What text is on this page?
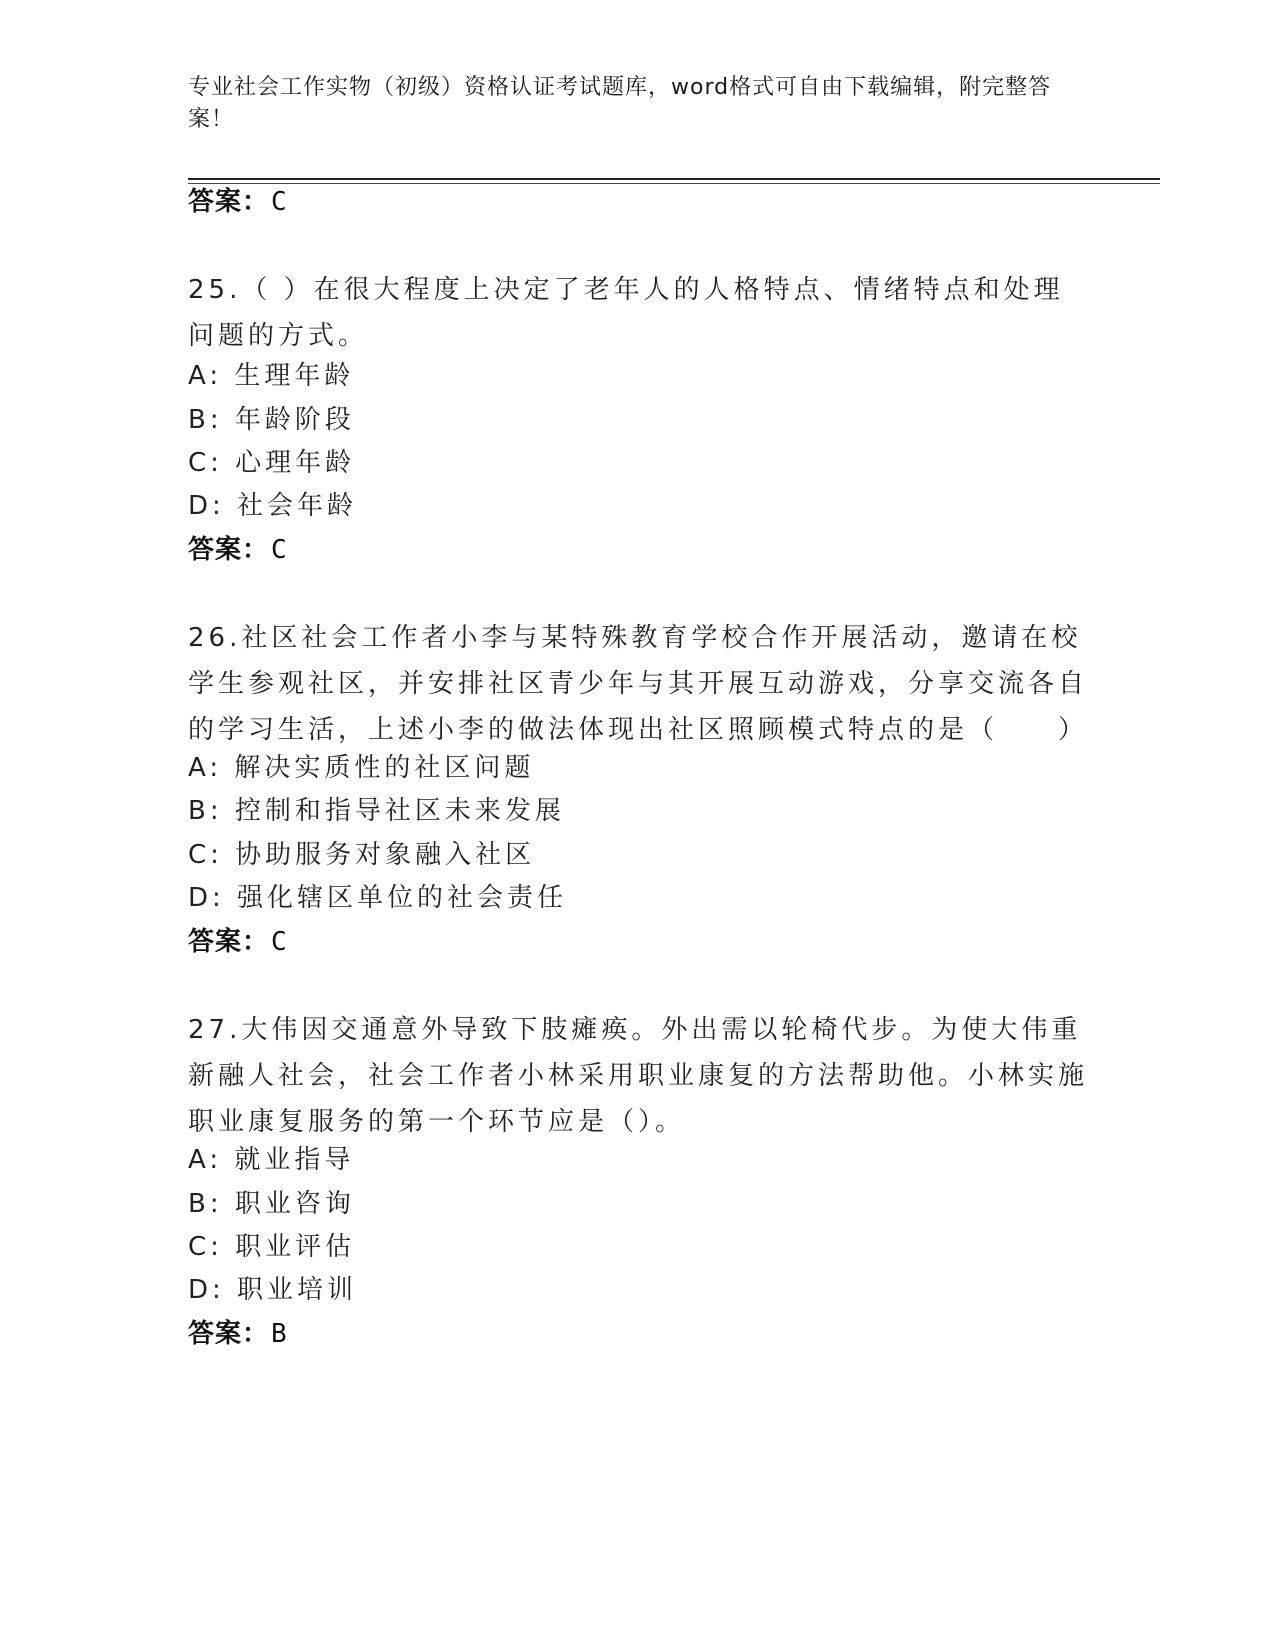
专业社会工作实物（初级）资格认证考试题库，word格式可自由下载编辑，附完整答案！
答案：C
25.（ ）在很大程度上决定了老年人的人格特点、情绪特点和处理问题的方式。
A: 生理年龄
B: 年龄阶段
C: 心理年龄
D: 社会年龄
答案：C
26.社区社会工作者小李与某特殊教育学校合作开展活动，邀请在校学生参观社区，并安排社区青少年与其开展互动游戏，分享交流各自的学习生活，上述小李的做法体现出社区照顾模式特点的是（　　）
A: 解决实质性的社区问题
B: 控制和指导社区未来发展
C: 协助服务对象融入社区
D: 强化辖区单位的社会责任
答案：C
27.大伟因交通意外导致下肢瘫痪。外出需以轮椅代步。为使大伟重新融人社会，社会工作者小林采用职业康复的方法帮助他。小林实施职业康复服务的第一个环节应是（）。
A: 就业指导
B: 职业咨询
C: 职业评估
D: 职业培训
答案：B
